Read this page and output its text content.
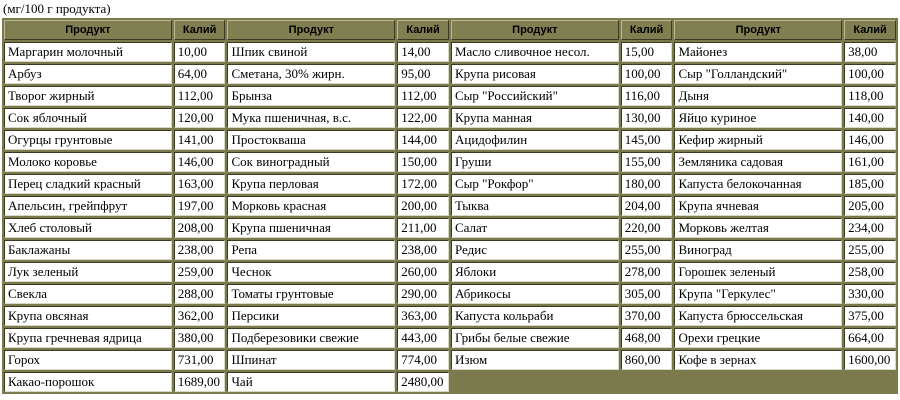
(мг/100 г продукта)
Продукт	Калий	Продукт	Калий	Продукт	Калий	Продукт	Калий
Маргарин молочный	10,00	Шпик свиной	14,00	Масло сливочное несол.	15,00	Майонез	38,00
Арбуз	64,00	Сметана, 30% жирн.	95,00	Крупа рисовая	100,00	Сыр "Голландский"	100,00
Творог жирный	112,00	Брынза	112,00	Сыр "Российский"	116,00	Дыня	118,00
Сок яблочный	120,00	Мука пшеничная, в.с.	122,00	Крупа манная	130,00	Яйцо куриное	140,00
Огурцы грунтовые	141,00	Простокваша	144,00	Ацидофилин	145,00	Кефир жирный	146,00
Молоко коровье	146,00	Сок виноградный	150,00	Груши	155,00	Земляника садовая	161,00
Перец сладкий красный	163,00	Крупа перловая	172,00	Сыр "Рокфор"	180,00	Капуста белокочанная	185,00
Апельсин, грейпфрут	197,00	Морковь красная	200,00	Тыква	204,00	Крупа ячневая	205,00
Хлеб столовый	208,00	Крупа пшеничная	211,00	Салат	220,00	Морковь желтая	234,00
Баклажаны	238,00	Репа	238,00	Редис	255,00	Виноград	255,00
Лук зеленый	259,00	Чеснок	260,00	Яблоки	278,00	Горошек зеленый	258,00
Свекла	288,00	Томаты грунтовые	290,00	Абрикосы	305,00	Крупа "Геркулес"	330,00
Крупа овсяная	362,00	Персики	363,00	Капуста кольраби	370,00	Капуста брюссельская	375,00
Крупа гречневая ядрица	380,00	Подберезовики свежие	443,00	Грибы белые свежие	468,00	Орехи грецкие	664,00
Горох	731,00	Шпинат	774,00	Изюм	860,00	Кофе в зернах	1600,00
Какао-порошок	1689,00	Чай	2480,00				
